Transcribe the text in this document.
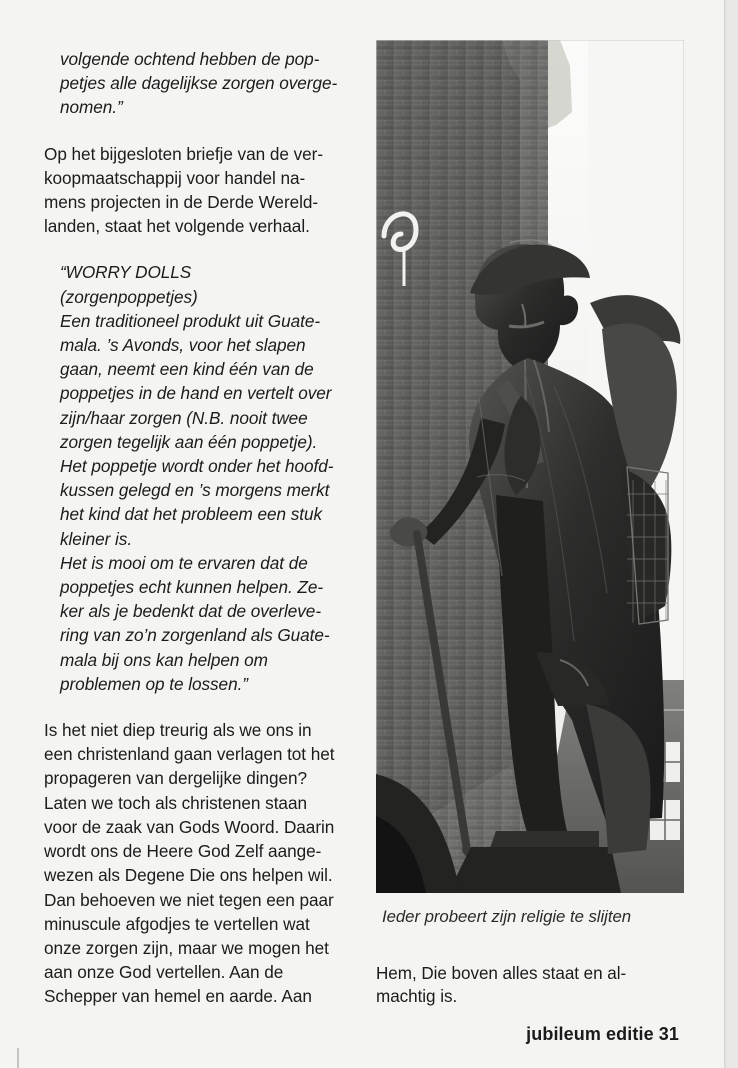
volgende ochtend hebben de pop-
petjes alle dagelijkse zorgen overge-
nomen.”
Op het bijgesloten briefje van de ver-
koopmaatschappij voor handel na-
mens projecten in de Derde Wereld-
landen, staat het volgende verhaal.
“WORRY DOLLS
(zorgenpoppetjes)
Een traditioneel produkt uit Guate-
mala. ’s Avonds, voor het slapen
gaan, neemt een kind één van de
poppetjes in de hand en vertelt over
zijn/haar zorgen (N.B. nooit twee
zorgen tegelijk aan één poppetje).
Het poppetje wordt onder het hoofd-
kussen gelegd en ’s morgens merkt
het kind dat het probleem een stuk
kleiner is.
Het is mooi om te ervaren dat de
poppetjes echt kunnen helpen. Ze-
ker als je bedenkt dat de overleve-
ring van zo’n zorgenland als Guate-
mala bij ons kan helpen om
problemen op te lossen.”
Is het niet diep treurig als we ons in
een christenland gaan verlagen tot het
propageren van dergelijke dingen?
Laten we toch als christenen staan
voor de zaak van Gods Woord. Daarin
wordt ons de Heere God Zelf aange-
wezen als Degene Die ons helpen wil.
Dan behoeven we niet tegen een paar
minuscule afgodjes te vertellen wat
onze zorgen zijn, maar we mogen het
aan onze God vertellen. Aan de
Schepper van hemel en aarde. Aan
Ieder probeert zijn religie te slijten
Hem, Die boven alles staat en al-
machtig is.
jubileum editie 31
